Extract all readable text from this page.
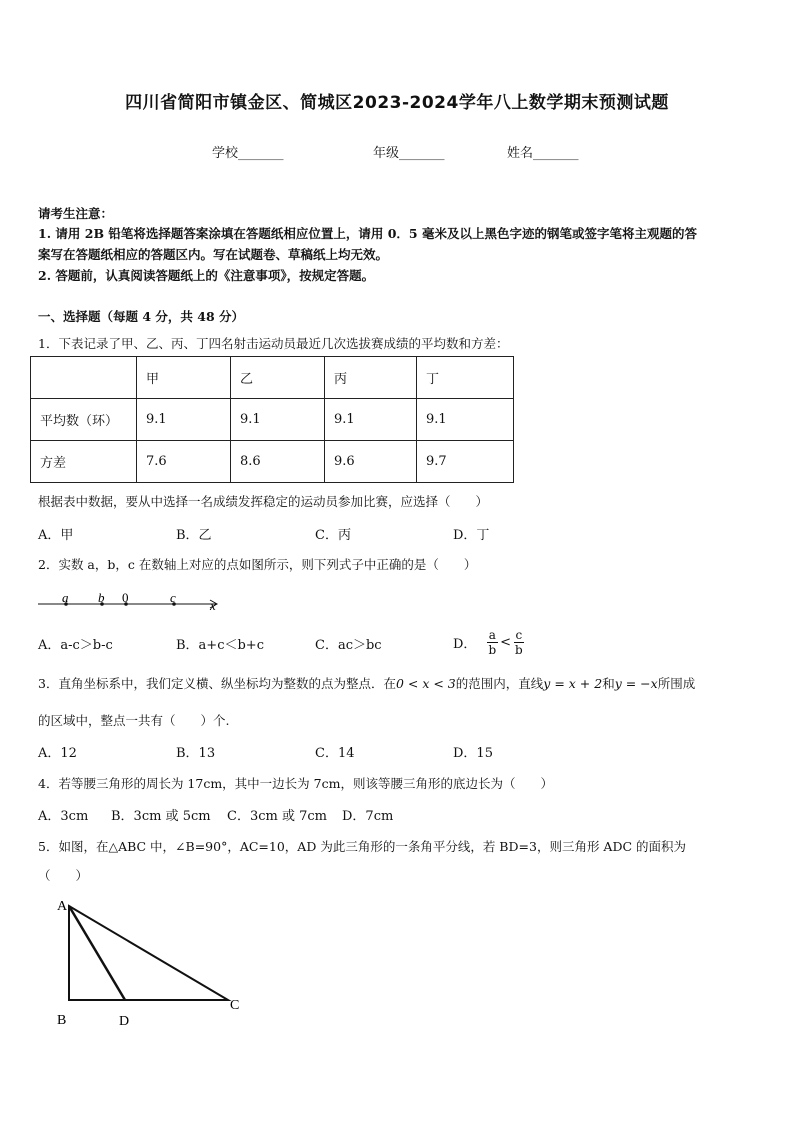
四川省简阳市镇金区、简城区2023-2024学年八上数学期末预测试题
学校_______	年级_______	姓名_______
请考生注意：
1. 请用 2B 铅笔将选择题答案涂填在答题纸相应位置上，请用 0．5 毫米及以上黑色字迹的钢笔或签字笔将主观题的答
案写在答题纸相应的答题区内。写在试题卷、草稿纸上均无效。
2. 答题前，认真阅读答题纸上的《注意事项》，按规定答题。
一、选择题（每题 4 分，共 48 分）
1．下表记录了甲、乙、丙、丁四名射击运动员最近几次选拔赛成绩的平均数和方差：
	甲	乙	丙	丁
平均数（环）	9.1	9.1	9.1	9.1
方差	7.6	8.6	9.6	9.7
根据表中数据，要从中选择一名成绩发挥稳定的运动员参加比赛，应选择（　　）
A．甲	B．乙	C．丙	D．丁
2．实数 a，b，c 在数轴上对应的点如图所示，则下列式子中正确的是（　　）
a b 0	c
x
A．a-c＞b-c	B．a+c＜b+c	C．ac＞bc	D． $\frac{a}{b} < \frac{c}{b}$
3．直角坐标系中，我们定义横、纵坐标均为整数的点为整点．在0 < x < 3的范围内，直线y = x + 2和y = −x所围成
的区域中，整点一共有（　　）个.
A．12	B．13	C．14	D．15
4．若等腰三角形的周长为 17cm，其中一边长为 7cm，则该等腰三角形的底边长为（　　）
A．3cm B．3cm 或 5cm C．3cm 或 7cm D．7cm
5．如图，在△ABC 中，∠B=90°，AC=10，AD 为此三角形的一条角平分线，若 BD=3，则三角形 ADC 的面积为
（　　）
A
B
C
D
